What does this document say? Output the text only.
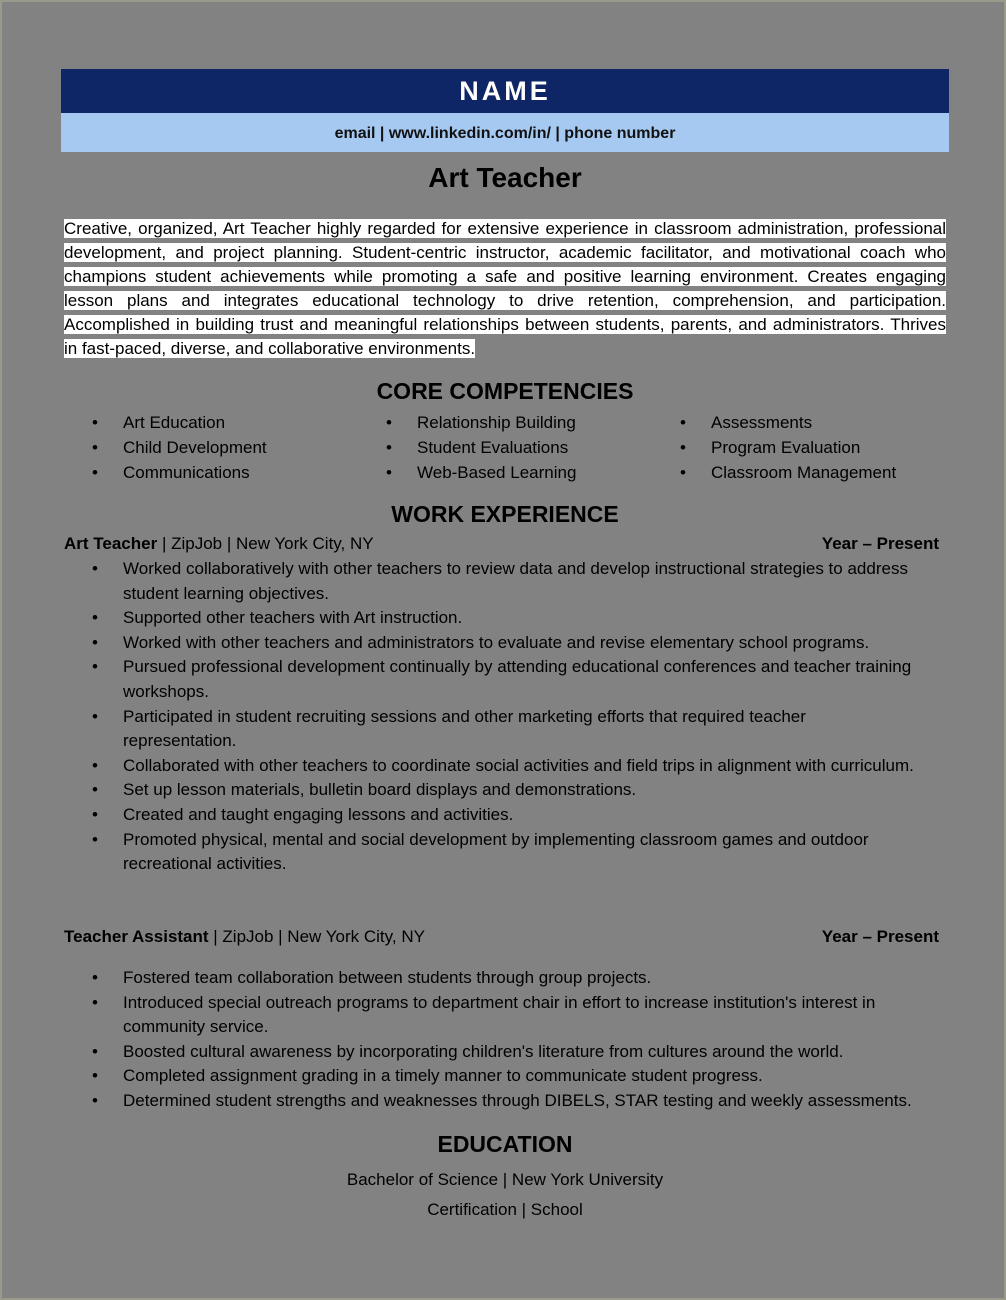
NAME
email | www.linkedin.com/in/ | phone number
Art Teacher

Creative, organized, Art Teacher highly regarded for extensive experience in classroom administration, professional development, and project planning. Student-centric instructor, academic facilitator, and motivational coach who champions student achievements while promoting a safe and positive learning environment. Creates engaging lesson plans and integrates educational technology to drive retention, comprehension, and participation. Accomplished in building trust and meaningful relationships between students, parents, and administrators. Thrives in fast-paced, diverse, and collaborative environments.

CORE COMPETENCIES
• Art Education	• Relationship Building	• Assessments
• Child Development	• Student Evaluations	• Program Evaluation
• Communications	• Web-Based Learning	• Classroom Management
WORK EXPERIENCE
Art Teacher | ZipJob | New York City, NY	Year – Present
• Worked collaboratively with other teachers to review data and develop instructional strategies to address student learning objectives.
• Supported other teachers with Art instruction.
• Worked with other teachers and administrators to evaluate and revise elementary school programs.
• Pursued professional development continually by attending educational conferences and teacher training workshops.
• Participated in student recruiting sessions and other marketing efforts that required teacher representation.
• Collaborated with other teachers to coordinate social activities and field trips in alignment with curriculum.
• Set up lesson materials, bulletin board displays and demonstrations.
• Created and taught engaging lessons and activities.
• Promoted physical, mental and social development by implementing classroom games and outdoor recreational activities.
Teacher Assistant | ZipJob | New York City, NY	Year – Present
• Fostered team collaboration between students through group projects.
• Introduced special outreach programs to department chair in effort to increase institution's interest in community service.
• Boosted cultural awareness by incorporating children's literature from cultures around the world.
• Completed assignment grading in a timely manner to communicate student progress.
• Determined student strengths and weaknesses through DIBELS, STAR testing and weekly assessments.
EDUCATION
Bachelor of Science | New York University
Certification | School
